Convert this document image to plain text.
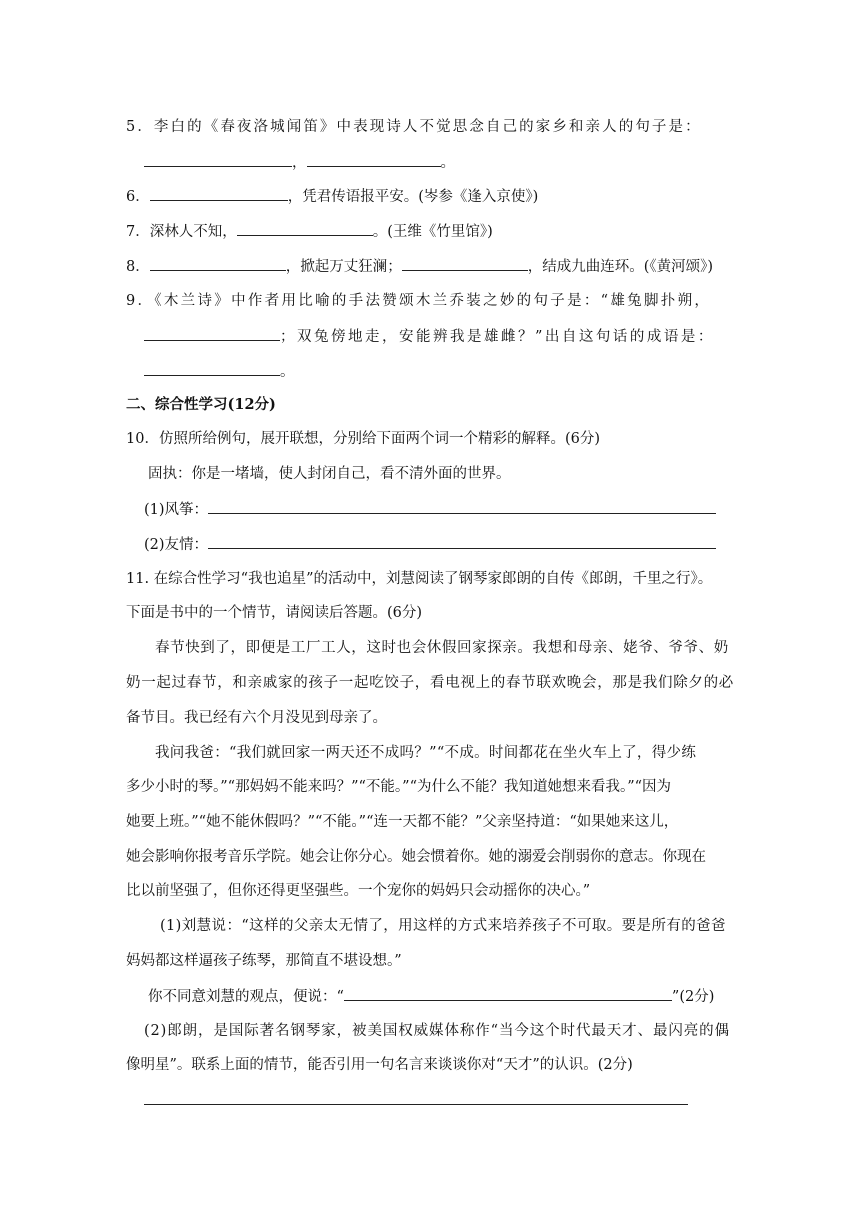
5．李白的《春夜洛城闻笛》中表现诗人不觉思念自己的家乡和亲人的句子是：
，	。
6．	，凭君传语报平安。(岑参《逢入京使》)
7．深林人不知，	。(王维《竹里馆》)
8．	，掀起万丈狂澜；	，结成九曲连环。(《黄河颂》)
9．《木兰诗》中作者用比喻的手法赞颂木兰乔装之妙的句子是：“雄兔脚扑朔，
；双兔傍地走，安能辨我是雄雌？”出自这句话的成语是：
。
二、综合性学习(12分)
10．仿照所给例句，展开联想，分别给下面两个词一个精彩的解释。(6分)
固执：你是一堵墙，使人封闭自己，看不清外面的世界。
(1)风筝：
(2)友情：
11. 在综合性学习“我也追星”的活动中，刘慧阅读了钢琴家郎朗的自传《郎朗，千里之行》。
下面是书中的一个情节，请阅读后答题。(6分)
春节快到了，即便是工厂工人，这时也会休假回家探亲。我想和母亲、姥爷、爷爷、奶
奶一起过春节，和亲戚家的孩子一起吃饺子，看电视上的春节联欢晚会，那是我们除夕的必
备节目。我已经有六个月没见到母亲了。
我问我爸：“我们就回家一两天还不成吗？”“不成。时间都花在坐火车上了，得少练
多少小时的琴。”“那妈妈不能来吗？”“不能。”“为什么不能？我知道她想来看我。”“因为
她要上班。”“她不能休假吗？”“不能。”“连一天都不能？”父亲坚持道：“如果她来这儿，
她会影响你报考音乐学院。她会让你分心。她会惯着你。她的溺爱会削弱你的意志。你现在
比以前坚强了，但你还得更坚强些。一个宠你的妈妈只会动摇你的决心。”
(1)刘慧说：“这样的父亲太无情了，用这样的方式来培养孩子不可取。要是所有的爸爸
妈妈都这样逼孩子练琴，那简直不堪设想。”
你不同意刘慧的观点，便说：“	”(2分)
(2)郎朗，是国际著名钢琴家，被美国权威媒体称作“当今这个时代最天才、最闪亮的偶
像明星”。联系上面的情节，能否引用一句名言来谈谈你对“天才”的认识。(2分)
